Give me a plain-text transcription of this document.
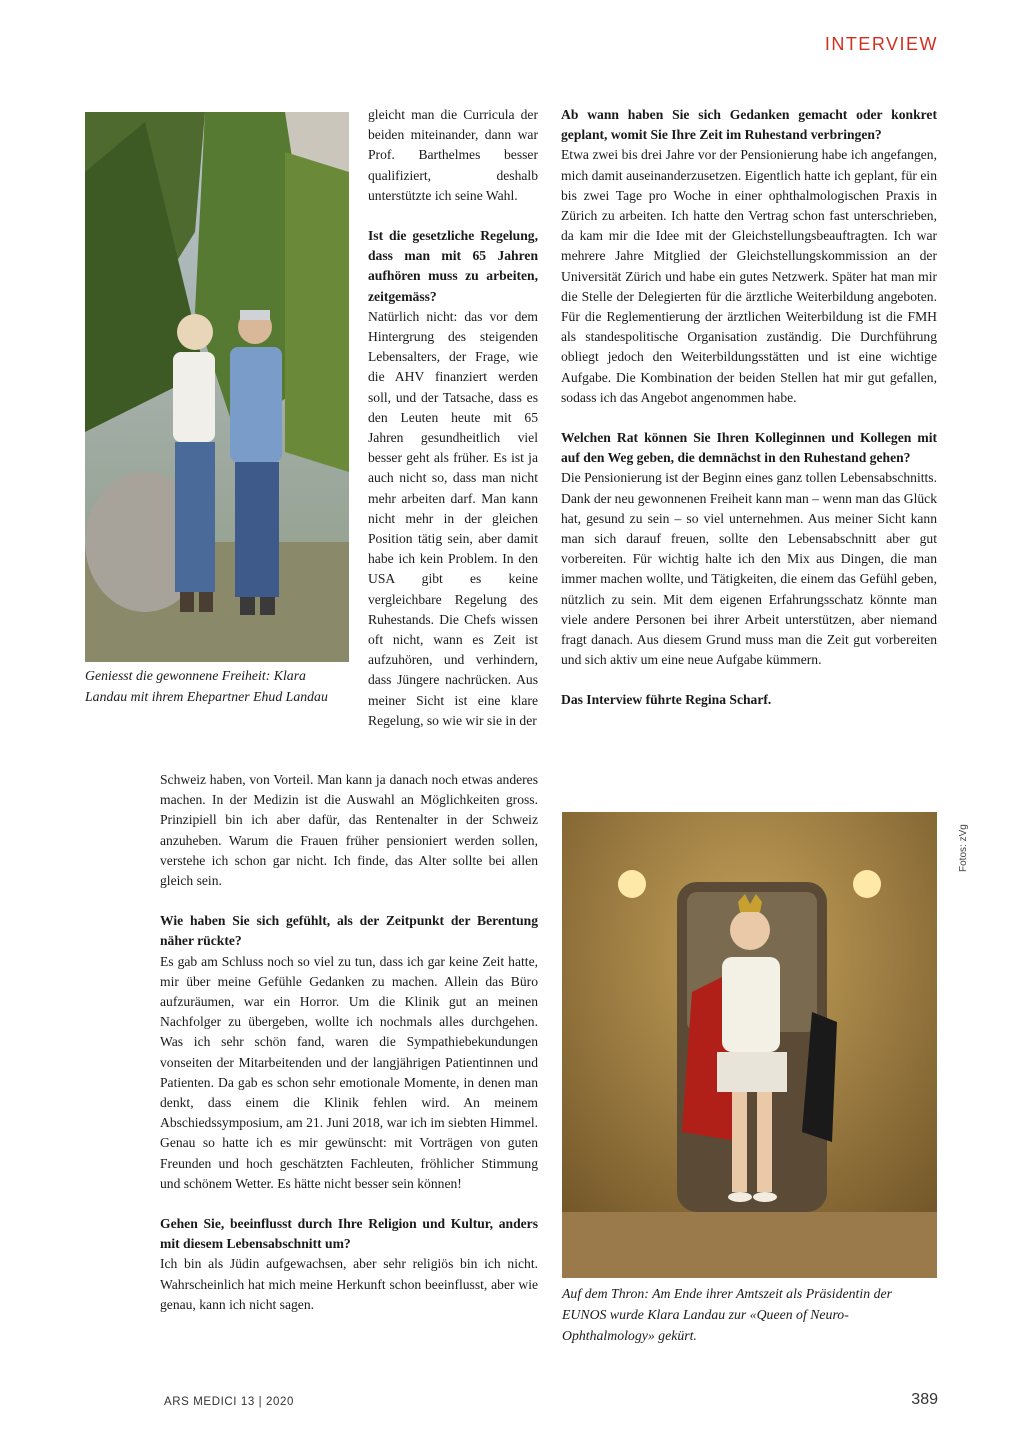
INTERVIEW
Geniesst die gewonnene Freiheit: Klara Landau mit ihrem Ehepartner Ehud Landau

gleicht man die Curricula der beiden miteinander, dann war Prof. Barthelmes besser qualifiziert, deshalb unterstützte ich seine Wahl.

Ist die gesetzliche Regelung, dass man mit 65 Jahren aufhören muss zu arbeiten, zeitgemäss?

Natürlich nicht: das vor dem Hintergrung des steigenden Lebensalters, der Frage, wie die AHV finanziert werden soll, und der Tatsache, dass es den Leuten heute mit 65 Jahren gesundheitlich viel besser geht als früher. Es ist ja auch nicht so, dass man nicht mehr arbeiten darf. Man kann nicht mehr in der gleichen Position tätig sein, aber damit habe ich kein Problem. In den USA gibt es keine vergleichbare Regelung des Ruhestands. Die Chefs wissen oft nicht, wann es Zeit ist aufzuhören, und verhindern, dass Jüngere nachrücken. Aus meiner Sicht ist eine klare Regelung, so wie wir sie in der

Schweiz haben, von Vorteil. Man kann ja danach noch etwas anderes machen. In der Medizin ist die Auswahl an Möglichkeiten gross. Prinzipiell bin ich aber dafür, das Rentenalter in der Schweiz anzuheben. Warum die Frauen früher pensioniert werden sollen, verstehe ich schon gar nicht. Ich finde, das Alter sollte bei allen gleich sein.

Wie haben Sie sich gefühlt, als der Zeitpunkt der Berentung näher rückte?

Es gab am Schluss noch so viel zu tun, dass ich gar keine Zeit hatte, mir über meine Gefühle Gedanken zu machen. Allein das Büro aufzuräumen, war ein Horror. Um die Klinik gut an meinen Nachfolger zu übergeben, wollte ich nochmals alles durchgehen. Was ich sehr schön fand, waren die Sympathiebekundungen vonseiten der Mitarbeitenden und der langjährigen Patientinnen und Patienten. Da gab es schon sehr emotionale Momente, in denen man denkt, dass einem die Klinik fehlen wird. An meinem Abschiedssymposium, am 21. Juni 2018, war ich im siebten Himmel. Genau so hatte ich es mir gewünscht: mit Vorträgen von guten Freunden und hoch geschätzten Fachleuten, fröhlicher Stimmung und schönem Wetter. Es hätte nicht besser sein können!

Gehen Sie, beeinflusst durch Ihre Religion und Kultur, anders mit diesem Lebensabschnitt um?

Ich bin als Jüdin aufgewachsen, aber sehr religiös bin ich nicht. Wahrscheinlich hat mich meine Herkunft schon beeinflusst, aber wie genau, kann ich nicht sagen.

Ab wann haben Sie sich Gedanken gemacht oder konkret geplant, womit Sie Ihre Zeit im Ruhestand verbringen?

Etwa zwei bis drei Jahre vor der Pensionierung habe ich angefangen, mich damit auseinanderzusetzen. Eigentlich hatte ich geplant, für ein bis zwei Tage pro Woche in einer ophthalmologischen Praxis in Zürich zu arbeiten. Ich hatte den Vertrag schon fast unterschrieben, da kam mir die Idee mit der Gleichstellungsbeauftragten. Ich war mehrere Jahre Mitglied der Gleichstellungskommission an der Universität Zürich und habe ein gutes Netzwerk. Später hat man mir die Stelle der Delegierten für die ärztliche Weiterbildung angeboten. Für die Reglementierung der ärztlichen Weiterbildung ist die FMH als standespolitische Organisation zuständig. Die Durchführung obliegt jedoch den Weiterbildungsstätten und ist eine wichtige Aufgabe. Die Kombination der beiden Stellen hat mir gut gefallen, sodass ich das Angebot angenommen habe.

Welchen Rat können Sie Ihren Kolleginnen und Kollegen mit auf den Weg geben, die demnächst in den Ruhestand gehen?

Die Pensionierung ist der Beginn eines ganz tollen Lebensabschnitts. Dank der neu gewonnenen Freiheit kann man – wenn man das Glück hat, gesund zu sein – so viel unternehmen. Aus meiner Sicht kann man sich darauf freuen, sollte den Lebensabschnitt aber gut vorbereiten. Für wichtig halte ich den Mix aus Dingen, die man immer machen wollte, und Tätigkeiten, die einem das Gefühl geben, nützlich zu sein. Mit dem eigenen Erfahrungsschatz könnte man viele andere Personen bei ihrer Arbeit unterstützen, aber niemand fragt danach. Aus diesem Grund muss man die Zeit gut vorbereiten und sich aktiv um eine neue Aufgabe kümmern.

Das Interview führte Regina Scharf.

Auf dem Thron: Am Ende ihrer Amtszeit als Präsidentin der EUNOS wurde Klara Landau zur «Queen of Neuro-Ophthalmology» gekürt.
Fotos: zVg
ARS MEDICI 13 | 2020	389
